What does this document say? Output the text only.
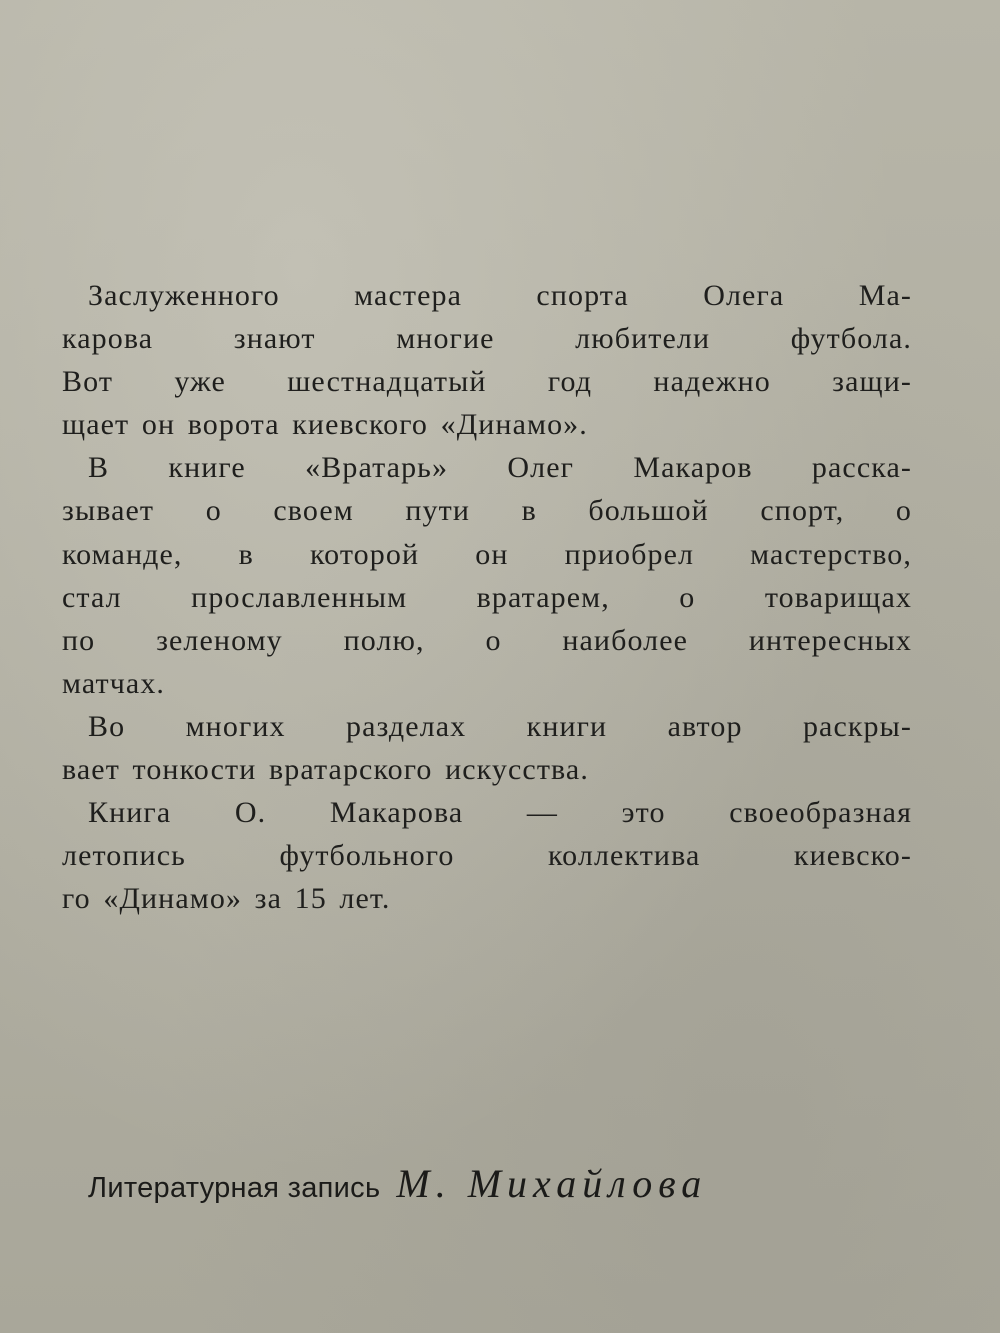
Заслуженного мастера спорта Олега Ма-
карова знают многие любители футбола.
Вот уже шестнадцатый год надежно защи-
щает он ворота киевского «Динамо».
В книге «Вратарь» Олег Макаров расска-
зывает о своем пути в большой спорт, о
команде, в которой он приобрел мастерство,
стал прославленным вратарем, о товарищах
по зеленому полю, о наиболее интересных
матчах.
Во многих разделах книги автор раскры-
вает тонкости вратарского искусства.
Книга О. Макарова — это своеобразная
летопись футбольного коллектива киевско-
го «Динамо» за 15 лет.
Литературная запись М. Михайлова
